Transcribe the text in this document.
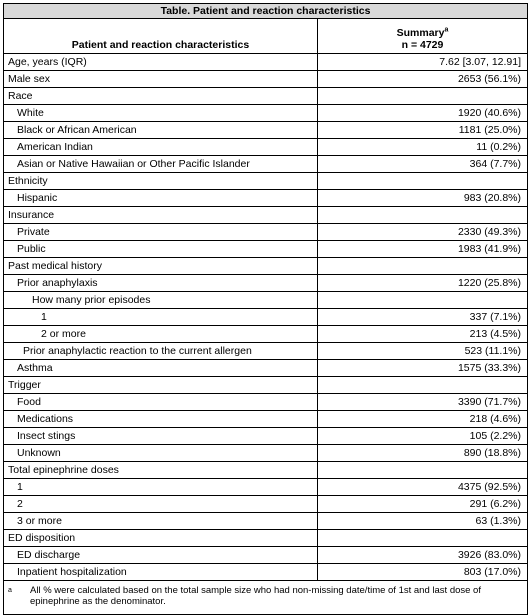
Table. Patient and reaction characteristics	
Patient and reaction characteristics	Summary$^a$
n = 4729
Age, years (IQR)	7.62 [3.07, 12.91]
Male sex	2653 (56.1%)
Race	
White	1920 (40.6%)
Black or African American	1181 (25.0%)
American Indian	11 (0.2%)
Asian or Native Hawaiian or Other Pacific Islander	364 (7.7%)
Ethnicity	
Hispanic	983 (20.8%)
Insurance	
Private	2330 (49.3%)
Public	1983 (41.9%)
Past medical history	
Prior anaphylaxis	1220 (25.8%)
How many prior episodes	
1	337 (7.1%)
2 or more	213 (4.5%)
Prior anaphylactic reaction to the current allergen	523 (11.1%)
Asthma	1575 (33.3%)
Trigger	
Food	3390 (71.7%)
Medications	218 (4.6%)
Insect stings	105 (2.2%)
Unknown	890 (18.8%)
Total epinephrine doses	
1	4375 (92.5%)
2	291 (6.2%)
3 or more	63 (1.3%)
ED disposition	
ED discharge	3926 (83.0%)
Inpatient hospitalization	803 (17.0%)
a All % were calculated based on the total sample size who had non-missing date/time of 1st and last dose of epinephrine as the denominator.	
